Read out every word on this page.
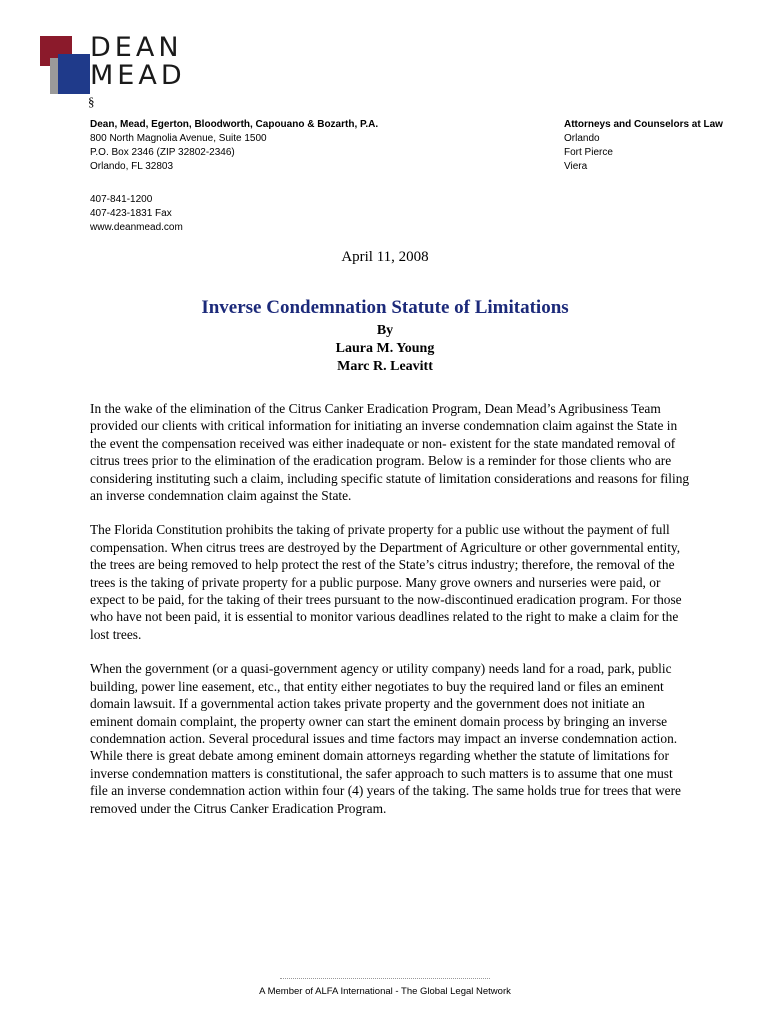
DEAN
MEAD
§
Dean, Mead, Egerton, Bloodworth, Capouano & Bozarth, P.A.
800 North Magnolia Avenue, Suite 1500
P.O. Box 2346 (ZIP 32802-2346)
Orlando, FL 32803
Attorneys and Counselors at Law
Orlando
Fort Pierce
Viera
407-841-1200
407-423-1831 Fax
www.deanmead.com
April 11, 2008
Inverse Condemnation Statute of Limitations
By
Laura M. Young
Marc R. Leavitt

In the wake of the elimination of the Citrus Canker Eradication Program, Dean Mead’s Agribusiness Team provided our clients with critical information for initiating an inverse condemnation claim against the State in the event the compensation received was either inadequate or non- existent for the state mandated removal of citrus trees prior to the elimination of the eradication program. Below is a reminder for those clients who are considering instituting such a claim, including specific statute of limitation considerations and reasons for filing an inverse condemnation claim against the State.

The Florida Constitution prohibits the taking of private property for a public use without the payment of full compensation. When citrus trees are destroyed by the Department of Agriculture or other governmental entity, the trees are being removed to help protect the rest of the State’s citrus industry; therefore, the removal of the trees is the taking of private property for a public purpose. Many grove owners and nurseries were paid, or expect to be paid, for the taking of their trees pursuant to the now-discontinued eradication program. For those who have not been paid, it is essential to monitor various deadlines related to the right to make a claim for the lost trees.

When the government (or a quasi-government agency or utility company) needs land for a road, park, public building, power line easement, etc., that entity either negotiates to buy the required land or files an eminent domain lawsuit. If a governmental action takes private property and the government does not initiate an eminent domain complaint, the property owner can start the eminent domain process by bringing an inverse condemnation action. Several procedural issues and time factors may impact an inverse condemnation action. While there is great debate among eminent domain attorneys regarding whether the statute of limitations for inverse condemnation matters is constitutional, the safer approach to such matters is to assume that one must file an inverse condemnation action within four (4) years of the taking. The same holds true for trees that were removed under the Citrus Canker Eradication Program.

A Member of ALFA International - The Global Legal Network
